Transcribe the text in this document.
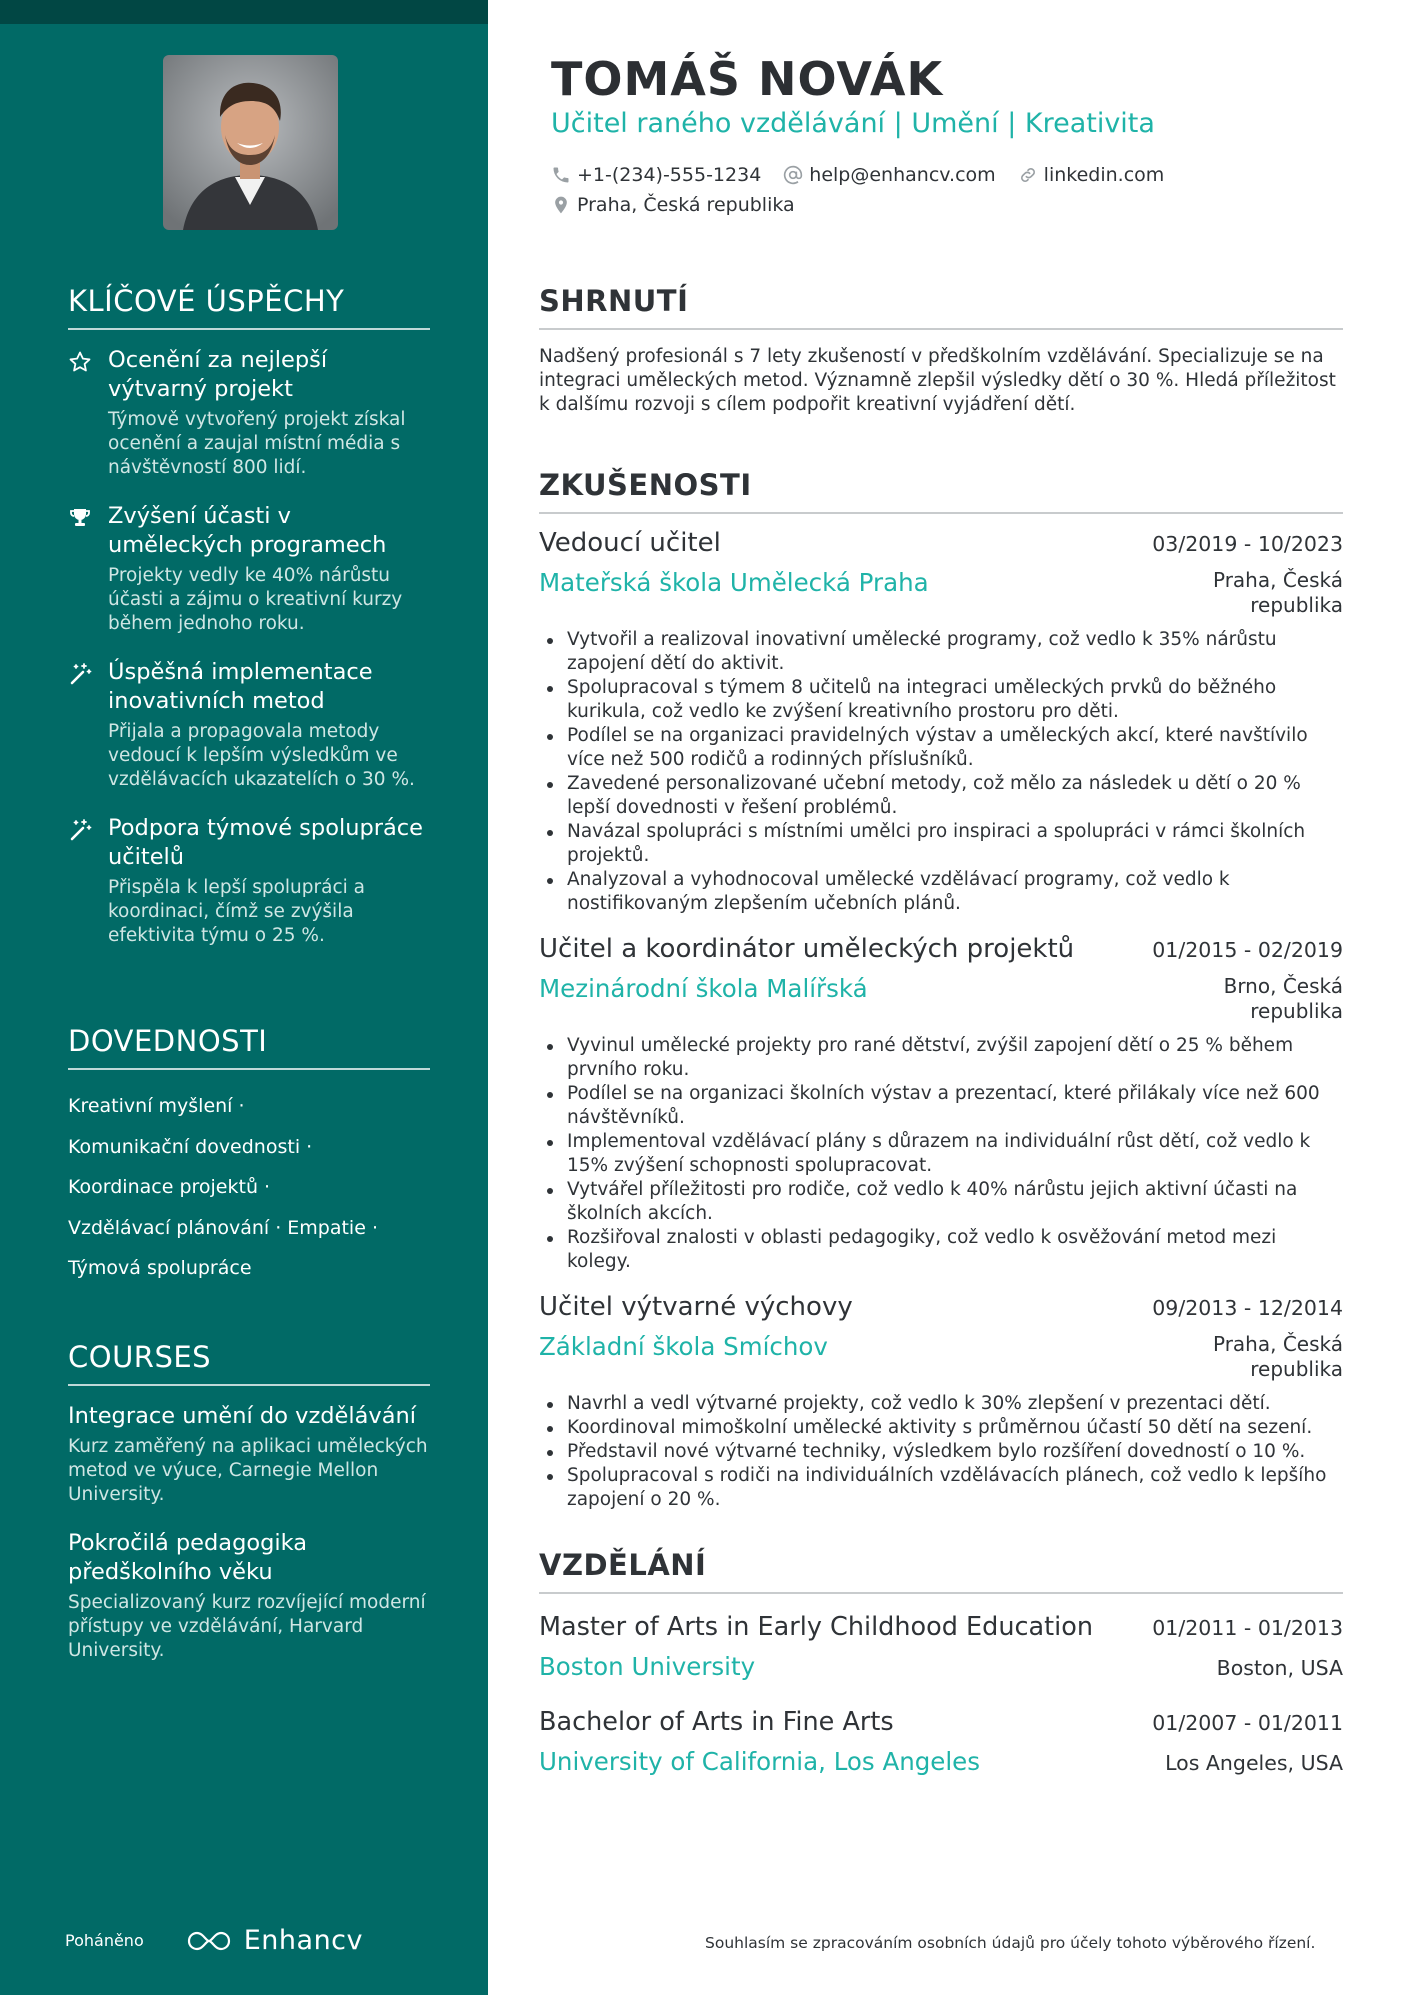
KLÍČOVÉ ÚSPĚCHY
Ocenění za nejlepší výtvarný projekt
Týmově vytvořený projekt získal ocenění a zaujal místní média s návštěvností 800 lidí.
Zvýšení účasti v uměleckých programech
Projekty vedly ke 40% nárůstu účasti a zájmu o kreativní kurzy během jednoho roku.
Úspěšná implementace inovativních metod
Přijala a propagovala metody vedoucí k lepším výsledkům ve vzdělávacích ukazatelích o 30 %.
Podpora týmové spolupráce učitelů
Přispěla k lepší spolupráci a koordinaci, čímž se zvýšila efektivita týmu o 25 %.
DOVEDNOSTI
Kreativní myšlení ·
Komunikační dovednosti ·
Koordinace projektů ·
Vzdělávací plánování · Empatie ·
Týmová spolupráce
COURSES
Integrace umění do vzdělávání
Kurz zaměřený na aplikaci uměleckých metod ve výuce, Carnegie Mellon University.
Pokročilá pedagogika předškolního věku
Specializovaný kurz rozvíjející moderní přístupy ve vzdělávání, Harvard University.
Poháněno	Enhancv
TOMÁŠ NOVÁK
Učitel raného vzdělávání | Umění | Kreativita
+1-(234)-555-1234	help@enhancv.com	linkedin.com
Praha, Česká republika
SHRNUTÍ

Nadšený profesionál s 7 lety zkušeností v předškolním vzdělávání. Specializuje se na integraci uměleckých metod. Významně zlepšil výsledky dětí o 30 %. Hledá příležitost k dalšímu rozvoji s cílem podpořit kreativní vyjádření dětí.

ZKUŠENOSTI
Vedoucí učitel	03/2019 - 10/2023
Mateřská škola Umělecká Praha	Praha, Česká republika
Vytvořil a realizoval inovativní umělecké programy, což vedlo k 35% nárůstu zapojení dětí do aktivit.
Spolupracoval s týmem 8 učitelů na integraci uměleckých prvků do běžného kurikula, což vedlo ke zvýšení kreativního prostoru pro děti.
Podílel se na organizaci pravidelných výstav a uměleckých akcí, které navštívilo více než 500 rodičů a rodinných příslušníků.
Zavedené personalizované učební metody, což mělo za následek u dětí o 20 % lepší dovednosti v řešení problémů.
Navázal spolupráci s místními umělci pro inspiraci a spolupráci v rámci školních projektů.
Analyzoval a vyhodnocoval umělecké vzdělávací programy, což vedlo k nostifikovaným zlepšením učebních plánů.
Učitel a koordinátor uměleckých projektů	01/2015 - 02/2019
Mezinárodní škola Malířská	Brno, Česká republika
Vyvinul umělecké projekty pro rané dětství, zvýšil zapojení dětí o 25 % během prvního roku.
Podílel se na organizaci školních výstav a prezentací, které přilákaly více než 600 návštěvníků.
Implementoval vzdělávací plány s důrazem na individuální růst dětí, což vedlo k 15% zvýšení schopnosti spolupracovat.
Vytvářel příležitosti pro rodiče, což vedlo k 40% nárůstu jejich aktivní účasti na školních akcích.
Rozšiřoval znalosti v oblasti pedagogiky, což vedlo k osvěžování metod mezi kolegy.
Učitel výtvarné výchovy	09/2013 - 12/2014
Základní škola Smíchov	Praha, Česká republika
Navrhl a vedl výtvarné projekty, což vedlo k 30% zlepšení v prezentaci dětí.
Koordinoval mimoškolní umělecké aktivity s průměrnou účastí 50 dětí na sezení.
Představil nové výtvarné techniky, výsledkem bylo rozšíření dovedností o 10 %.
Spolupracoval s rodiči na individuálních vzdělávacích plánech, což vedlo k lepšího zapojení o 20 %.
VZDĚLÁNÍ
Master of Arts in Early Childhood Education	01/2011 - 01/2013
Boston University	Boston, USA
Bachelor of Arts in Fine Arts	01/2007 - 01/2011
University of California, Los Angeles	Los Angeles, USA
Souhlasím se zpracováním osobních údajů pro účely tohoto výběrového řízení.
